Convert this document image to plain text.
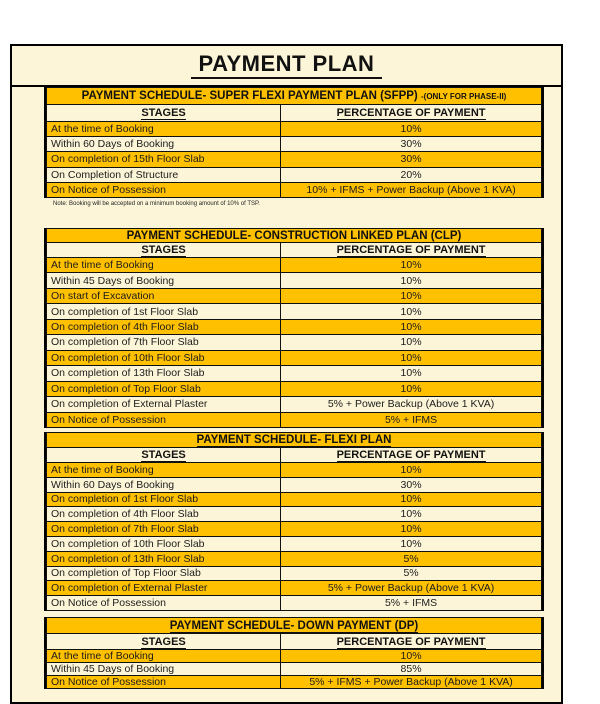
PAYMENT PLAN
PAYMENT SCHEDULE- SUPER FLEXI PAYMENT PLAN (SFPP) -(ONLY FOR PHASE-II)	
STAGES	PERCENTAGE OF PAYMENT
At the time of Booking	10%
Within 60 Days of Booking	30%
On completion of 15th Floor Slab	30%
On Completion of Structure	20%
On Notice of Possession	10% + IFMS + Power Backup (Above 1 KVA)
Note: Booking will be accepted on a minimum booking amount of 10% of TSP.
PAYMENT SCHEDULE- CONSTRUCTION LINKED PLAN (CLP)	
STAGES	PERCENTAGE OF PAYMENT
At the time of Booking	10%
Within 45 Days of Booking	10%
On start of Excavation	10%
On completion of 1st Floor Slab	10%
On completion of 4th Floor Slab	10%
On completion of 7th Floor Slab	10%
On completion of 10th Floor Slab	10%
On completion of 13th Floor Slab	10%
On completion of Top Floor Slab	10%
On completion of External Plaster	5% + Power Backup (Above 1 KVA)
On Notice of Possession	5% + IFMS
PAYMENT SCHEDULE- FLEXI PLAN	
STAGES	PERCENTAGE OF PAYMENT
At the time of Booking	10%
Within 60 Days of Booking	30%
On completion of 1st Floor Slab	10%
On completion of 4th Floor Slab	10%
On completion of 7th Floor Slab	10%
On completion of 10th Floor Slab	10%
On completion of 13th Floor Slab	5%
On completion of Top Floor Slab	5%
On completion of External Plaster	5% + Power Backup (Above 1 KVA)
On Notice of Possession	5% + IFMS
PAYMENT SCHEDULE- DOWN PAYMENT (DP)	
STAGES	PERCENTAGE OF PAYMENT
At the time of Booking	10%
Within 45 Days of Booking	85%
On Notice of Possession	5% + IFMS + Power Backup (Above 1 KVA)
